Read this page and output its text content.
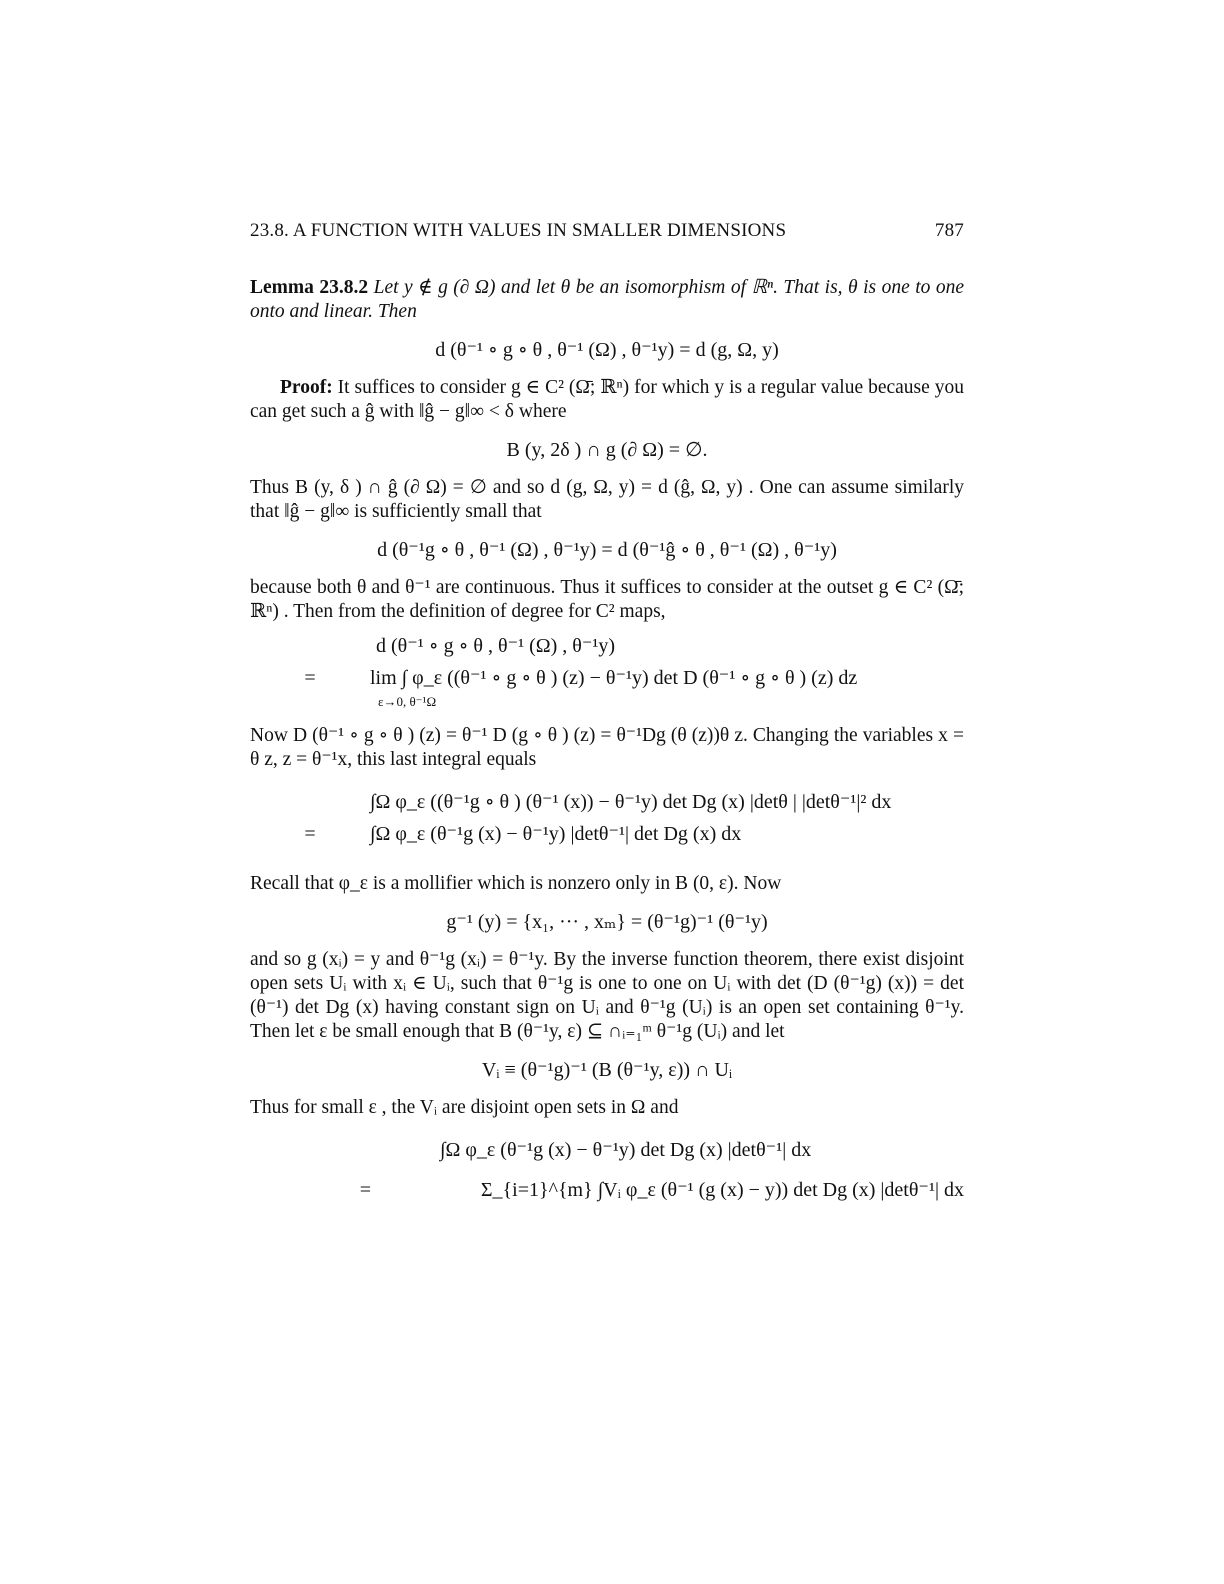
23.8. A FUNCTION WITH VALUES IN SMALLER DIMENSIONS	787

Lemma 23.8.2 Let y ∉ g (∂ Ω) and let θ be an isomorphism of ℝⁿ. That is, θ is one to one onto and linear. Then

d (θ⁻¹ ∘ g ∘ θ , θ⁻¹ (Ω) , θ⁻¹y) = d (g, Ω, y)

Proof: It suffices to consider g ∈ C² (Ω̄; ℝⁿ) for which y is a regular value because you can get such a ĝ with ‖ĝ − g‖∞ < δ where

B (y, 2δ ) ∩ g (∂ Ω) = ∅.

Thus B (y, δ ) ∩ ĝ (∂ Ω) = ∅ and so d (g, Ω, y) = d (ĝ, Ω, y) . One can assume similarly that ‖ĝ − g‖∞ is sufficiently small that

d (θ⁻¹g ∘ θ , θ⁻¹ (Ω) , θ⁻¹y) = d (θ⁻¹ĝ ∘ θ , θ⁻¹ (Ω) , θ⁻¹y)

because both θ and θ⁻¹ are continuous. Thus it suffices to consider at the outset g ∈ C² (Ω̄; ℝⁿ) . Then from the definition of degree for C² maps,

d (θ⁻¹ ∘ g ∘ θ , θ⁻¹ (Ω) , θ⁻¹y)
=	lim ∫ φ_ε ((θ⁻¹ ∘ g ∘ θ ) (z) − θ⁻¹y) det D (θ⁻¹ ∘ g ∘ θ ) (z) dz
ε→0, θ⁻¹Ω

Now D (θ⁻¹ ∘ g ∘ θ ) (z) = θ⁻¹ D (g ∘ θ ) (z) = θ⁻¹Dg (θ (z))θ z. Changing the variables x = θ z, z = θ⁻¹x, this last integral equals

∫Ω φ_ε ((θ⁻¹g ∘ θ ) (θ⁻¹ (x)) − θ⁻¹y) det Dg (x) |detθ | |detθ⁻¹|² dx
=	∫Ω φ_ε (θ⁻¹g (x) − θ⁻¹y) |detθ⁻¹| det Dg (x) dx

Recall that φ_ε is a mollifier which is nonzero only in B (0, ε). Now

g⁻¹ (y) = {x₁, ··· , xₘ} = (θ⁻¹g)⁻¹ (θ⁻¹y)

and so g (xᵢ) = y and θ⁻¹g (xᵢ) = θ⁻¹y. By the inverse function theorem, there exist disjoint open sets Uᵢ with xᵢ ∈ Uᵢ, such that θ⁻¹g is one to one on Uᵢ with det (D (θ⁻¹g) (x)) = det (θ⁻¹) det Dg (x) having constant sign on Uᵢ and θ⁻¹g (Uᵢ) is an open set containing θ⁻¹y. Then let ε be small enough that B (θ⁻¹y, ε) ⊆ ∩ᵢ₌₁ᵐ θ⁻¹g (Uᵢ) and let

Vᵢ ≡ (θ⁻¹g)⁻¹ (B (θ⁻¹y, ε)) ∩ Uᵢ

Thus for small ε , the Vᵢ are disjoint open sets in Ω and

∫Ω φ_ε (θ⁻¹g (x) − θ⁻¹y) det Dg (x) |detθ⁻¹| dx
=	Σ_{i=1}^{m} ∫Vᵢ φ_ε (θ⁻¹ (g (x) − y)) det Dg (x) |detθ⁻¹| dx
